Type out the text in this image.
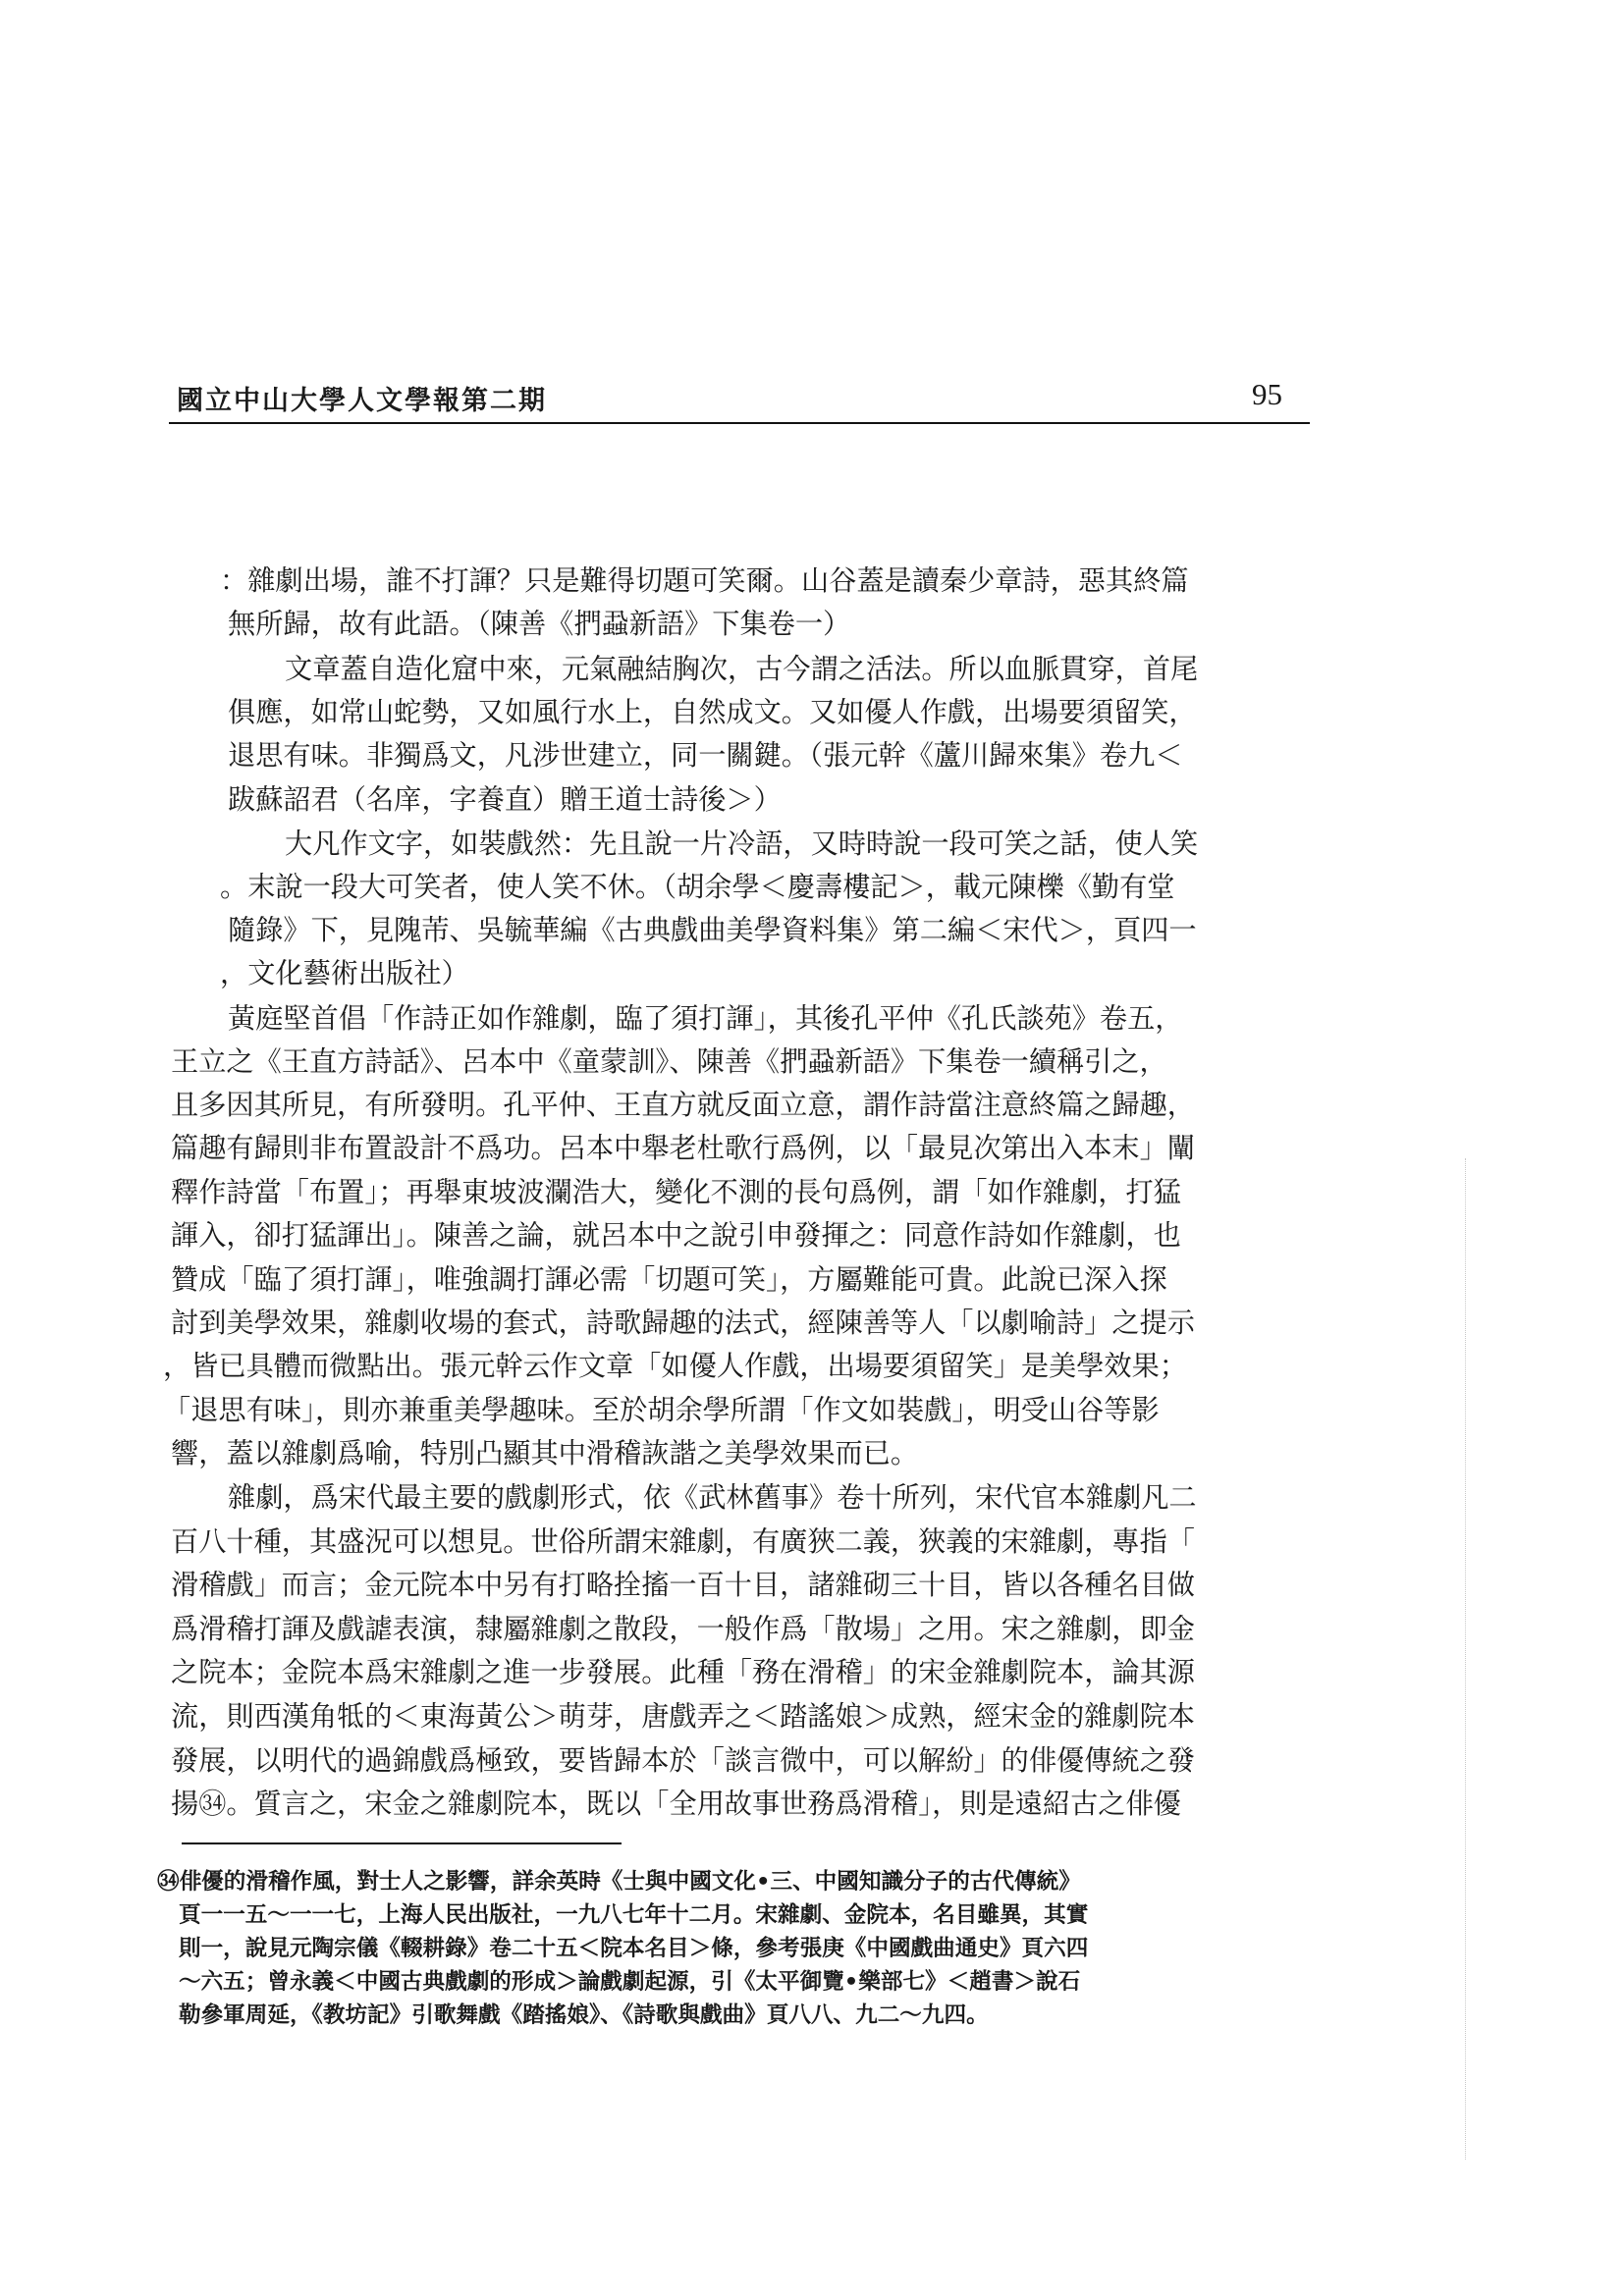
國立中山大學人文學報第二期	95
：雜劇出場，誰不打諢？只是難得切題可笑爾。山谷蓋是讀秦少章詩，惡其終篇
無所歸，故有此語。（陳善《捫蝨新語》下集卷一）
文章蓋自造化窟中來，元氣融結胸次，古今謂之活法。所以血脈貫穿，首尾
俱應，如常山蛇勢，又如風行水上，自然成文。又如優人作戲，出場要須留笑，
退思有味。非獨爲文，凡涉世建立，同一關鍵。（張元幹《蘆川歸來集》卷九＜
跋蘇詔君（名庠，字養直）贈王道士詩後＞）
大凡作文字，如裝戲然：先且說一片冷語，又時時說一段可笑之話，使人笑
。末說一段大可笑者，使人笑不休。（胡余學＜慶壽樓記＞，載元陳櫟《勤有堂
隨錄》下，見隗芾、吳毓華編《古典戲曲美學資料集》第二編＜宋代＞，頁四一
，文化藝術出版社）
黃庭堅首倡「作詩正如作雜劇，臨了須打諢」，其後孔平仲《孔氏談苑》卷五，
王立之《王直方詩話》、呂本中《童蒙訓》、陳善《捫蝨新語》下集卷一續稱引之，
且多因其所見，有所發明。孔平仲、王直方就反面立意，謂作詩當注意終篇之歸趣，
篇趣有歸則非布置設計不爲功。呂本中舉老杜歌行爲例，以「最見次第出入本末」闡
釋作詩當「布置」；再舉東坡波瀾浩大，變化不測的長句爲例，謂「如作雜劇，打猛
諢入，卻打猛諢出」。陳善之論，就呂本中之說引申發揮之：同意作詩如作雜劇，也
贊成「臨了須打諢」，唯強調打諢必需「切題可笑」，方屬難能可貴。此說已深入探
討到美學效果，雜劇收場的套式，詩歌歸趣的法式，經陳善等人「以劇喻詩」之提示
，皆已具體而微點出。張元幹云作文章「如優人作戲，出場要須留笑」是美學效果；
「退思有味」，則亦兼重美學趣味。至於胡余學所謂「作文如裝戲」，明受山谷等影
響，蓋以雜劇爲喻，特別凸顯其中滑稽詼諧之美學效果而已。
雜劇，爲宋代最主要的戲劇形式，依《武林舊事》卷十所列，宋代官本雜劇凡二
百八十種，其盛況可以想見。世俗所謂宋雜劇，有廣狹二義，狹義的宋雜劇，專指「
滑稽戲」而言；金元院本中另有打略拴搐一百十目，諸雜砌三十目，皆以各種名目做
爲滑稽打諢及戲謔表演，隸屬雜劇之散段，一般作爲「散場」之用。宋之雜劇，即金
之院本；金院本爲宋雜劇之進一步發展。此種「務在滑稽」的宋金雜劇院本，論其源
流，則西漢角牴的＜東海黃公＞萌芽，唐戲弄之＜踏謠娘＞成熟，經宋金的雜劇院本
發展，以明代的過錦戲爲極致，要皆歸本於「談言微中，可以解紛」的俳優傳統之發
揚㉞。質言之，宋金之雜劇院本，既以「全用故事世務爲滑稽」，則是遠紹古之俳優
㉞俳優的滑稽作風，對士人之影響，詳余英時《士與中國文化•三、中國知識分子的古代傳統》
頁一一五～一一七，上海人民出版社，一九八七年十二月。宋雜劇、金院本，名目雖異，其實
則一，說見元陶宗儀《輟耕錄》卷二十五＜院本名目＞條，參考張庚《中國戲曲通史》頁六四
～六五；曾永義＜中國古典戲劇的形成＞論戲劇起源，引《太平御覽•樂部七》＜趙書＞說石
勒參軍周延，《教坊記》引歌舞戲《踏搖娘》、《詩歌與戲曲》頁八八、九二～九四。
